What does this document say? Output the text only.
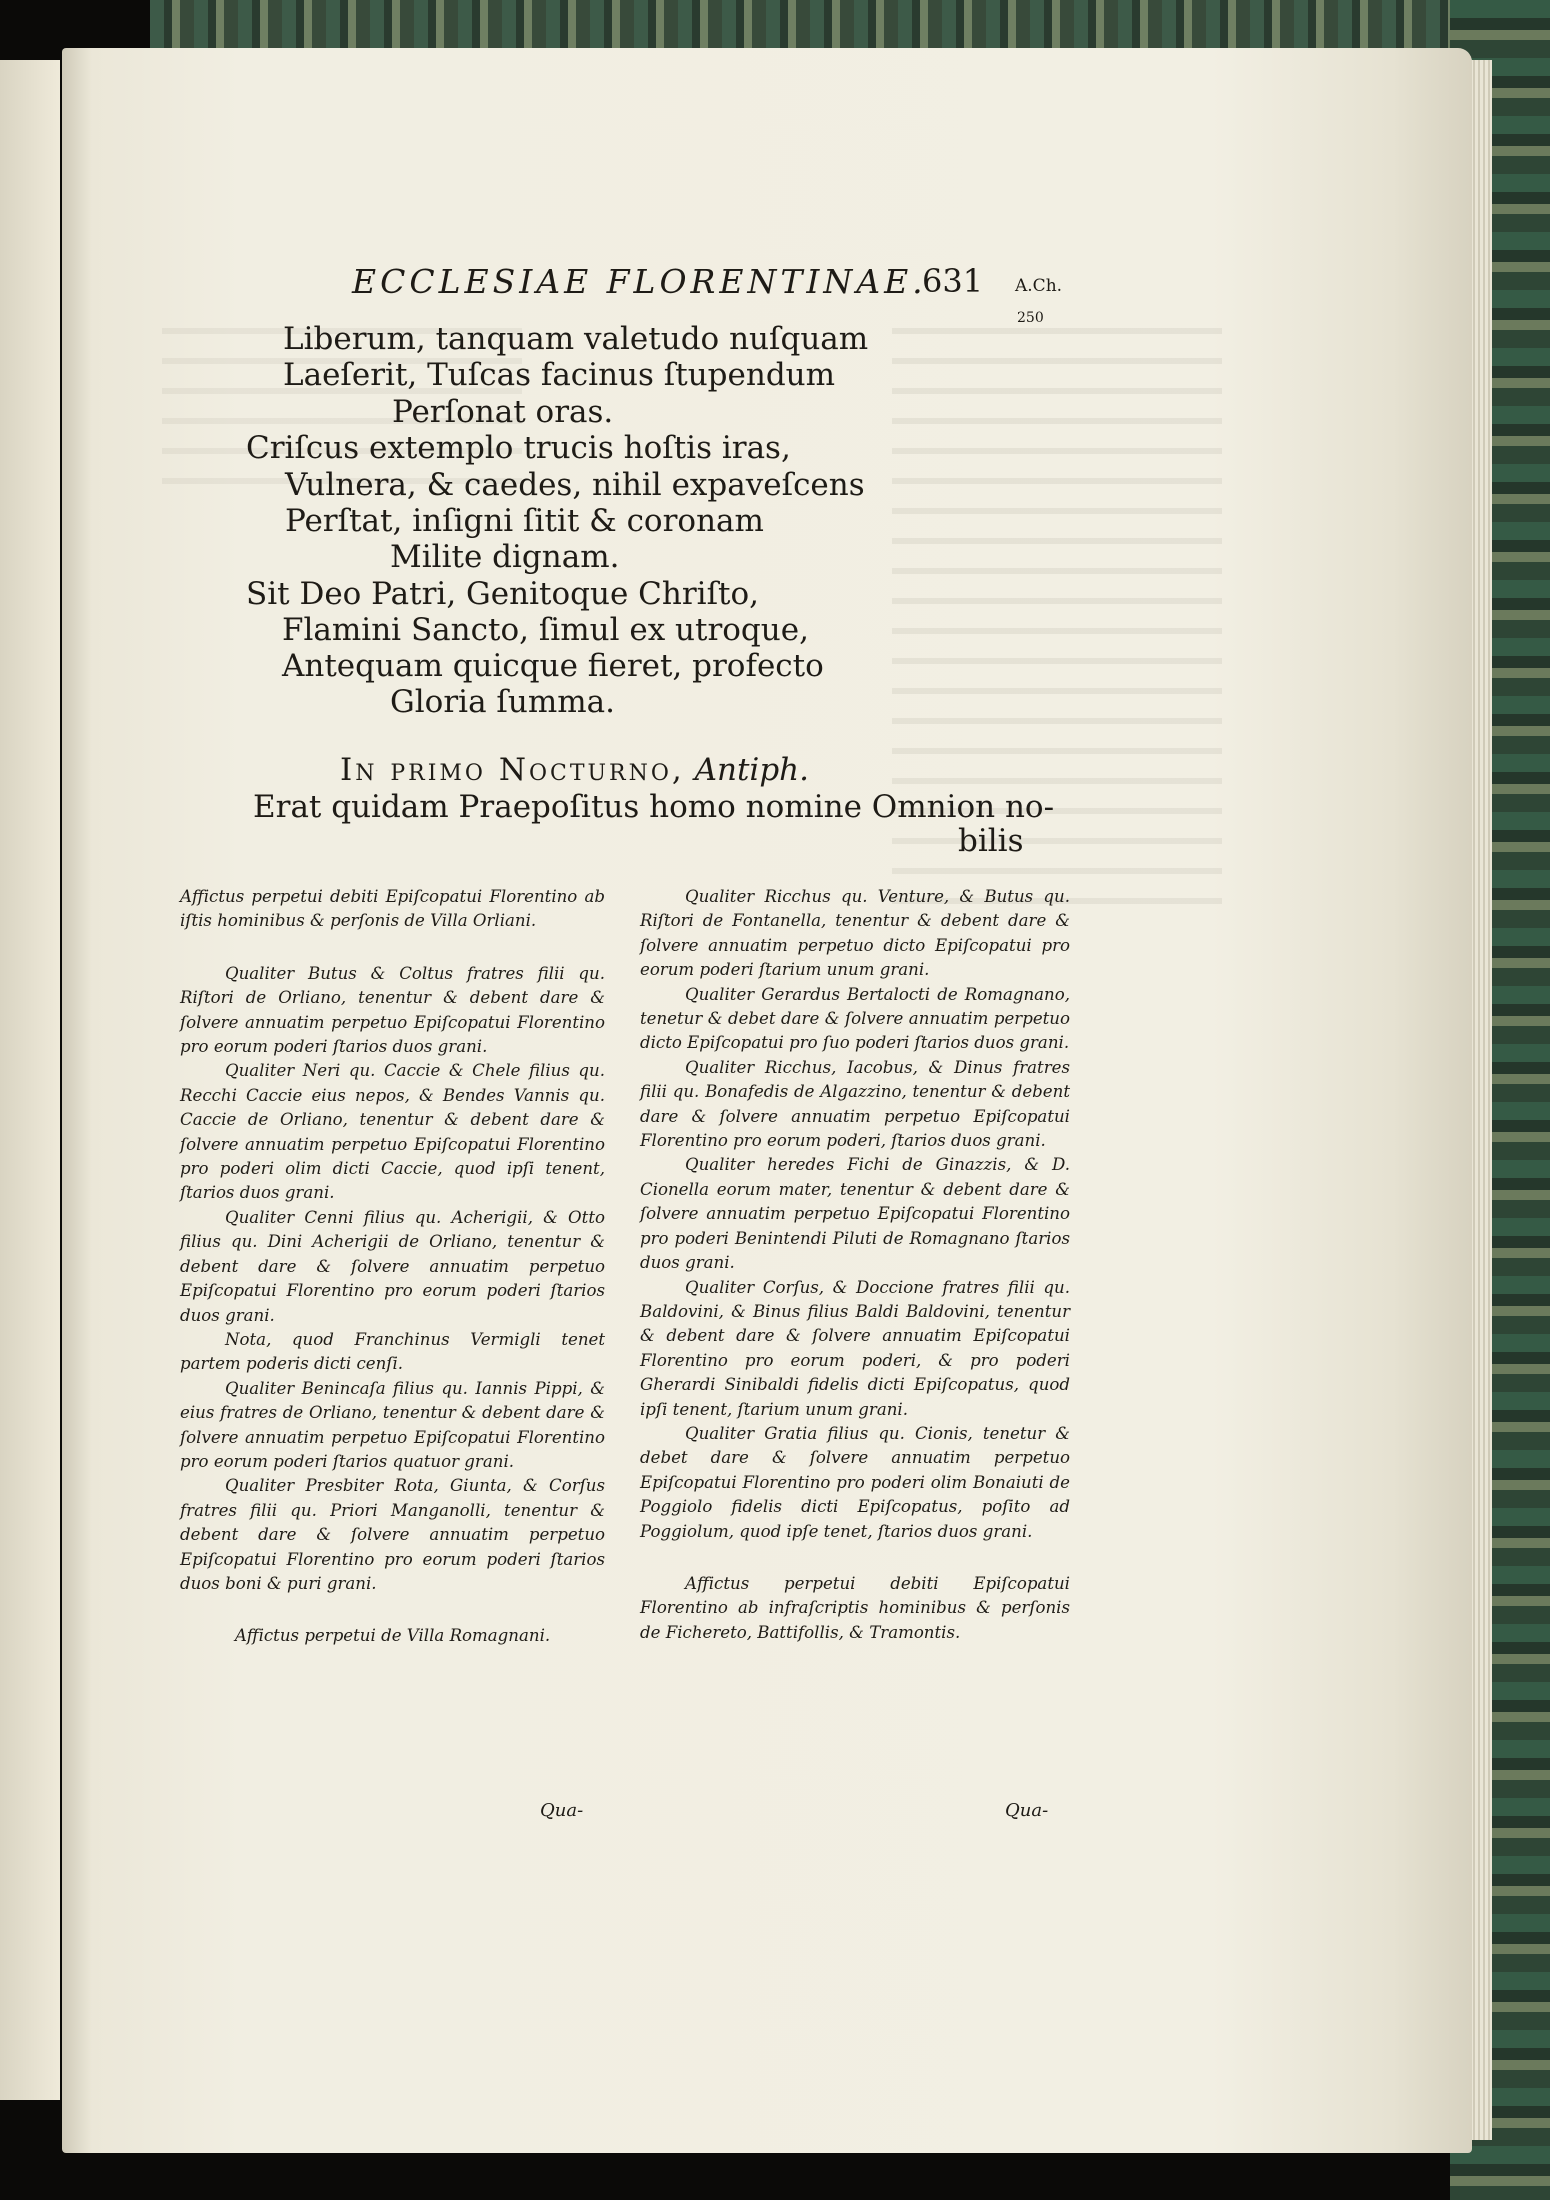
ECCLESIAE FLORENTINAE.
631 A.Ch.
250
Liberum, tanquam valetudo nuſquam
Laeſerit, Tuſcas facinus ſtupendum
Perſonat oras.
Criſcus extemplo trucis hoſtis iras,
Vulnera, & caedes, nihil expaveſcens
Perſtat, inſigni ſitit & coronam
Milite dignam.
Sit Deo Patri, Genitoque Chriſto,
Flamini Sancto, ſimul ex utroque,
Antequam quicque fieret, profecto
Gloria ſumma.
In primo Nocturno, Antiph.
Erat quidam Praepoſitus homo nomine Omnion no-
bilis

Affictus perpetui debiti Epiſcopatui Florentino ab iſtis hominibus & perſonis de Villa Orliani.

Qualiter Butus & Coltus fratres filii qu. Riſtori de Orliano, tenentur & debent dare & ſolvere annuatim perpetuo Epiſcopatui Florentino pro eorum poderi ſtarios duos grani.

Qualiter Neri qu. Caccie & Chele filius qu. Recchi Caccie eius nepos, & Bendes Vannis qu. Caccie de Orliano, tenentur & debent dare & ſolvere annuatim perpetuo Epiſcopatui Florentino pro poderi olim dicti Caccie, quod ipſi tenent, ſtarios duos grani.

Qualiter Cenni filius qu. Acherigii, & Otto filius qu. Dini Acherigii de Orliano, tenentur & debent dare & ſolvere annuatim perpetuo Epiſcopatui Florentino pro eorum poderi ſtarios duos grani.

Nota, quod Franchinus Vermigli tenet partem poderis dicti cenſi.

Qualiter Benincaſa filius qu. Iannis Pippi, & eius fratres de Orliano, tenentur & debent dare & ſolvere annuatim perpetuo Epiſcopatui Florentino pro eorum poderi ſtarios quatuor grani.

Qualiter Presbiter Rota, Giunta, & Corſus fratres filii qu. Priori Manganolli, tenentur & debent dare & ſolvere annuatim perpetuo Epiſcopatui Florentino pro eorum poderi ſtarios duos boni & puri grani.

Affictus perpetui de Villa Romagnani.

Qua-

Qualiter Ricchus qu. Venture, & Butus qu. Riſtori de Fontanella, tenentur & debent dare & ſolvere annuatim perpetuo dicto Epiſcopatui pro eorum poderi ſtarium unum grani.

Qualiter Gerardus Bertalocti de Romagnano, tenetur & debet dare & ſolvere annuatim perpetuo dicto Epiſcopatui pro ſuo poderi ſtarios duos grani.

Qualiter Ricchus, Iacobus, & Dinus fratres filii qu. Bonafedis de Algazzino, tenentur & debent dare & ſolvere annuatim perpetuo Epiſcopatui Florentino pro eorum poderi, ſtarios duos grani.

Qualiter heredes Fichi de Ginazzis, & D. Cionella eorum mater, tenentur & debent dare & ſolvere annuatim perpetuo Epiſcopatui Florentino pro poderi Benintendi Piluti de Romagnano ſtarios duos grani.

Qualiter Corſus, & Doccione fratres filii qu. Baldovini, & Binus filius Baldi Baldovini, tenentur & debent dare & ſolvere annuatim Epiſcopatui Florentino pro eorum poderi, & pro poderi Gherardi Sinibaldi fidelis dicti Epiſcopatus, quod ipſi tenent, ſtarium unum grani.

Qualiter Gratia filius qu. Cionis, tenetur & debet dare & ſolvere annuatim perpetuo Epiſcopatui Florentino pro poderi olim Bonaiuti de Poggiolo fidelis dicti Epiſcopatus, poſito ad Poggiolum, quod ipſe tenet, ſtarios duos grani.

Affictus perpetui debiti Epiſcopatui Florentino ab infraſcriptis hominibus & perſonis de Fichereto, Battifollis, & Tramontis.

Qua-
